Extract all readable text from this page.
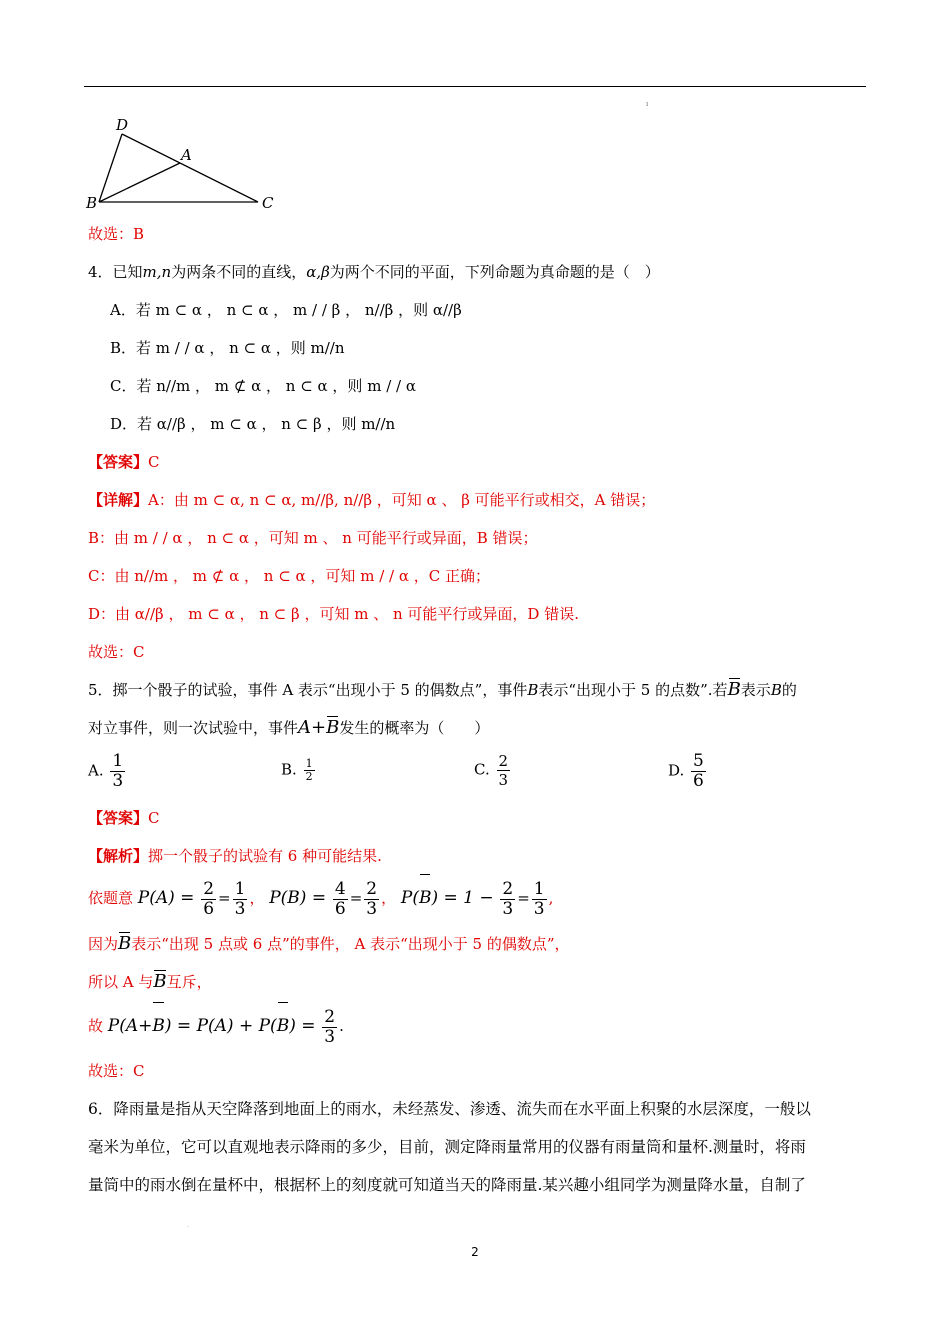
ı
D
A
B	C
故选：B
4．已知m,n为两条不同的直线，α,β为两个不同的平面，下列命题为真命题的是（　）
A．若 m ⊂ α ， n ⊂ α ， m / / β ， n//β ，则 α//β
B．若 m / / α ， n ⊂ α ，则 m//n
C．若 n//m ， m ⊄ α ， n ⊂ α ，则 m / / α
D．若 α//β ， m ⊂ α ， n ⊂ β ，则 m//n
【答案】C
【详解】A：由 m ⊂ α, n ⊂ α, m//β, n//β ，可知 α 、 β 可能平行或相交，A 错误；
B：由 m / / α ， n ⊂ α ，可知 m 、 n 可能平行或异面，B 错误；
C：由 n//m ， m ⊄ α ， n ⊂ α ，可知 m / / α ，C 正确；
D：由 α//β ， m ⊂ α ， n ⊂ β ，可知 m 、 n 可能平行或异面，D 错误.
故选：C
5．掷一个骰子的试验，事件 A 表示“出现小于 5 的偶数点”，事件B表示“出现小于 5 的点数”.若B表示B的
对立事件，则一次试验中，事件A+B发生的概率为（　　）
A. $\frac{1}{3}$	B. $\frac{1}{2}$	C. $\frac{2}{3}$	D. $\frac{5}{6}$
【答案】C
【解析】掷一个骰子的试验有 6 种可能结果.
依题意 $P(A) = \frac{2}{6} = \frac{1}{3}$ ， $P(B) = \frac{4}{6} = \frac{2}{3}$ ， $P(B) = 1 - \frac{2}{3} = \frac{1}{3}$ ,
因为B表示“出现 5 点或 6 点”的事件， A 表示“出现小于 5 的偶数点”，
所以 A 与B互斥，
故 $P(A+B) = P(A) + P(B) = \frac{2}{3}$ .
故选：C
6．降雨量是指从天空降落到地面上的雨水，未经蒸发、渗透、流失而在水平面上积聚的水层深度，一般以
毫米为单位，它可以直观地表示降雨的多少，目前，测定降雨量常用的仪器有雨量筒和量杯.测量时，将雨
量筒中的雨水倒在量杯中，根据杯上的刻度就可知道当天的降雨量.某兴趣小组同学为测量降水量，自制了
.
2
